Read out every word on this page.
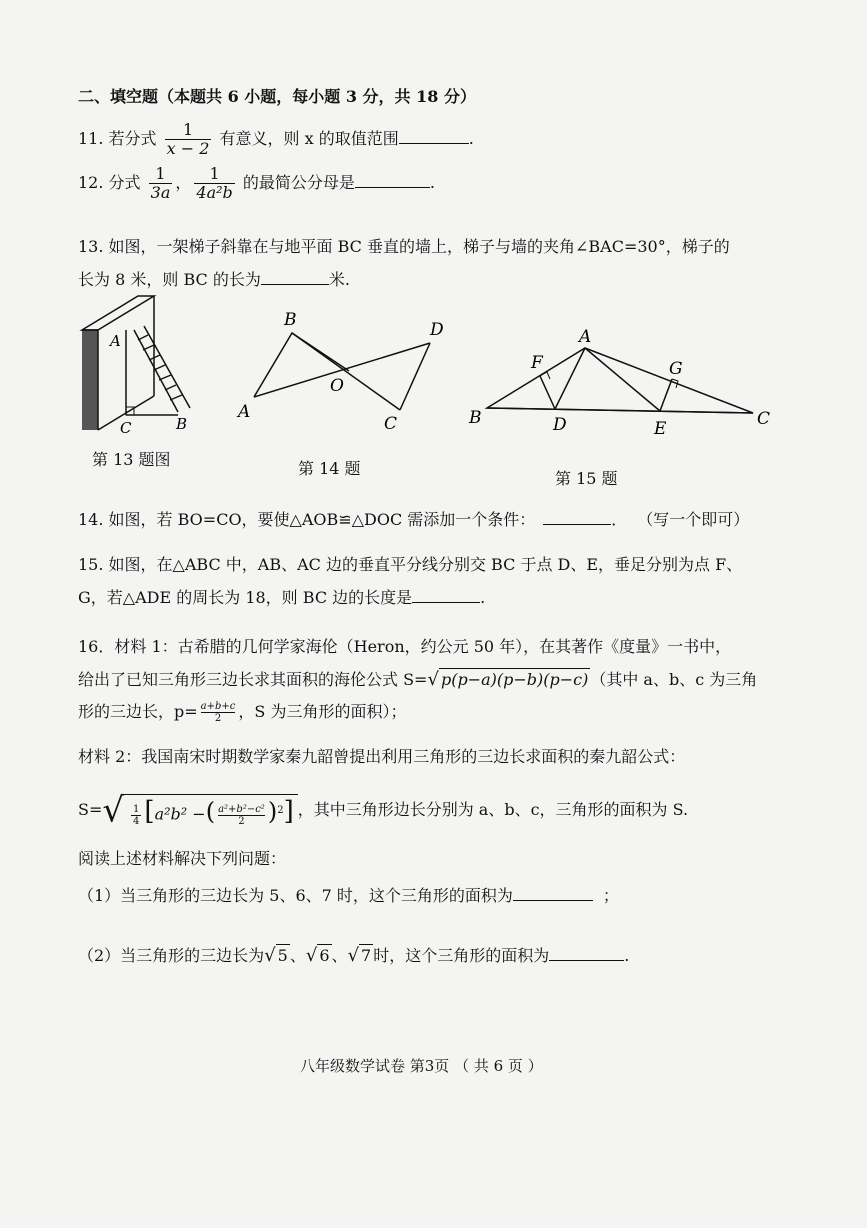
二、填空题（本题共 6 小题，每小题 3 分，共 18 分）
11. 若分式 $\frac{1}{x - 2}$ 有意义，则 x 的取值范围	.
12. 分式 $\frac{1}{3a}$ ， $\frac{1}{\text{4a²b}}$ 的最简公分母是	.
13. 如图，一架梯子斜靠在与地平面 BC 垂直的墙上，梯子与墙的夹角∠BAC=30°，梯子的
长为 8 米，则 BC 的长为	米.
A
C	B
第 13 题图
B	D
A
O
C
第 14 题
A
F	G
B	D	E	C
第 15 题
14. 如图，若 BO=CO，要使△AOB≌△DOC 需添加一个条件：	． （写一个即可）
15. 如图，在△ABC 中，AB、AC 边的垂直平分线分别交 BC 于点 D、E，垂足分别为点 F、
G，若△ADE 的周长为 18，则 BC 边的长度是	.
16．材料 1：古希腊的几何学家海伦（Heron，约公元 50 年），在其著作《度量》一书中，
给出了已知三角形三边长求其面积的海伦公式 S=√ p(p−a)(p−b)(p−c) （其中 a、b、c 为三角
形的三边长，$p= \frac{a+b+c}{2}$ ，S 为三角形的面积）；
材料 2：我国南宋时期数学家秦九韶曾提出利用三角形的三边长求面积的秦九韶公式：
$S=√ \frac{1}{4} [a^2b^2$ −( $\frac{\text{a²+b²−c²}}{2} )^2$] ，其中三角形边长分别为 a、b、c，三角形的面积为 S.
阅读上述材料解决下列问题：
（1）当三角形的三边长为 5、6、7 时，这个三角形的面积为	；
（2）当三角形的三边长为√ 5 、√ 6 、√ 7 时，这个三角形的面积为	.
八年级数学试卷 第3页 （ 共 6 页 ）
